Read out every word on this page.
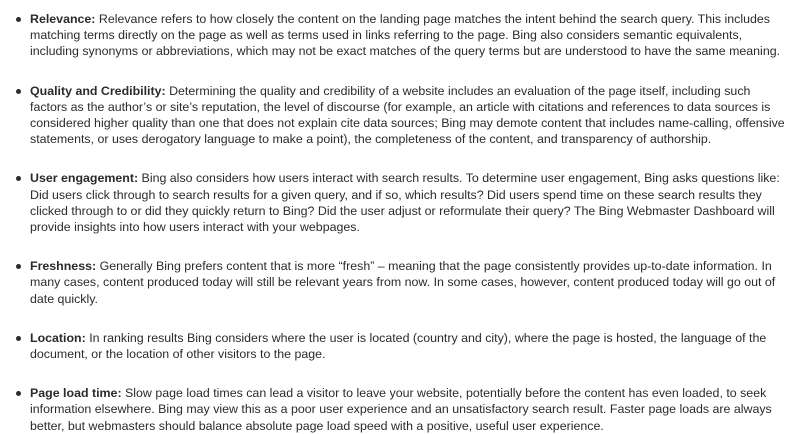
Relevance: Relevance refers to how closely the content on the landing page matches the intent behind the search query. This includes matching terms directly on the page as well as terms used in links referring to the page. Bing also considers semantic equivalents, including synonyms or abbreviations, which may not be exact matches of the query terms but are understood to have the same meaning.
Quality and Credibility: Determining the quality and credibility of a website includes an evaluation of the page itself, including such factors as the author’s or site’s reputation, the level of discourse (for example, an article with citations and references to data sources is considered higher quality than one that does not explain cite data sources; Bing may demote content that includes name-calling, offensive statements, or uses derogatory language to make a point), the completeness of the content, and transparency of authorship.
User engagement: Bing also considers how users interact with search results. To determine user engagement, Bing asks questions like: Did users click through to search results for a given query, and if so, which results? Did users spend time on these search results they clicked through to or did they quickly return to Bing? Did the user adjust or reformulate their query? The Bing Webmaster Dashboard will provide insights into how users interact with your webpages.
Freshness: Generally Bing prefers content that is more “fresh” – meaning that the page consistently provides up-to-date information. In many cases, content produced today will still be relevant years from now. In some cases, however, content produced today will go out of date quickly.
Location: In ranking results Bing considers where the user is located (country and city), where the page is hosted, the language of the document, or the location of other visitors to the page.
Page load time: Slow page load times can lead a visitor to leave your website, potentially before the content has even loaded, to seek information elsewhere. Bing may view this as a poor user experience and an unsatisfactory search result. Faster page loads are always better, but webmasters should balance absolute page load speed with a positive, useful user experience.
